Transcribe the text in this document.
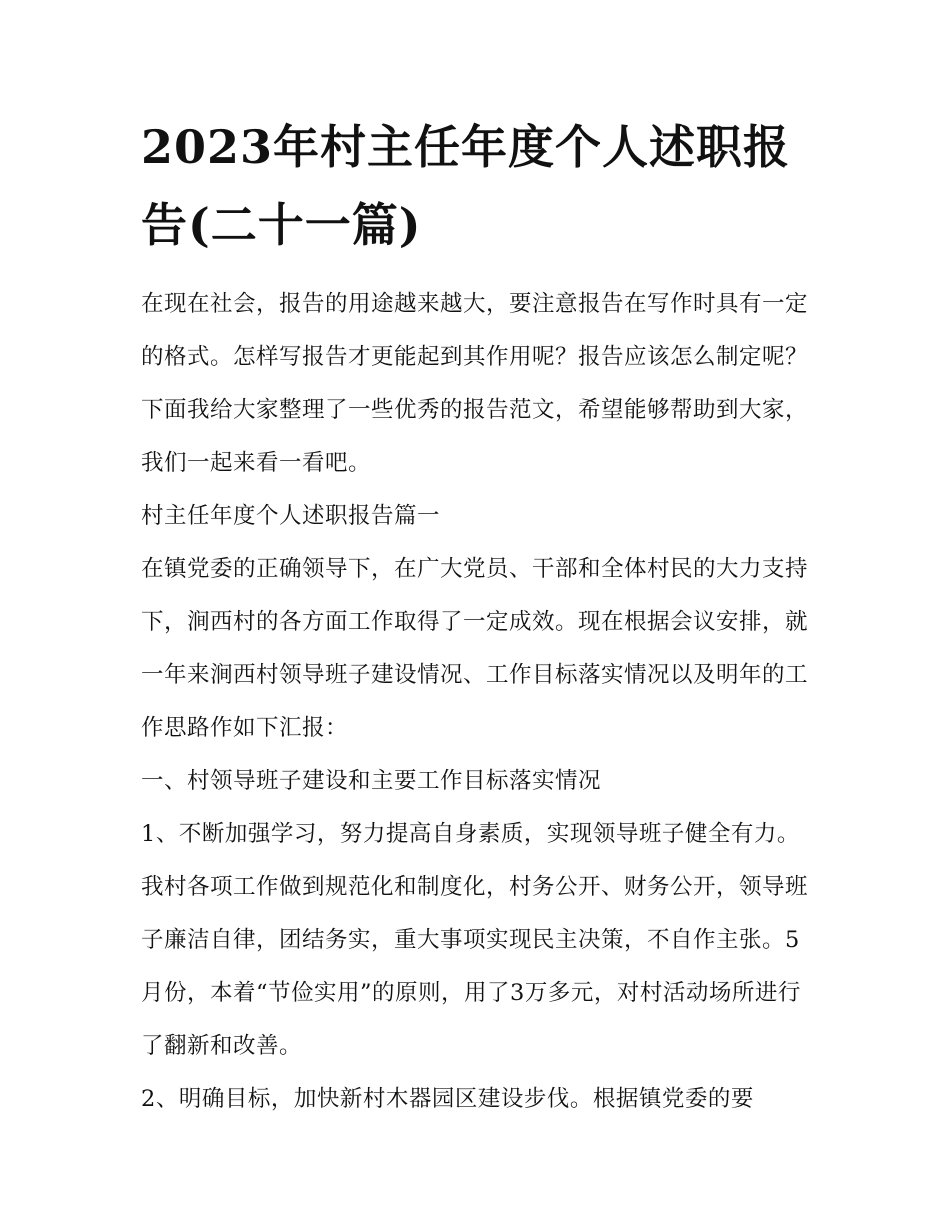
2023年村主任年度个人述职报告(二十一篇)

在现在社会，报告的用途越来越大，要注意报告在写作时具有一定的格式。怎样写报告才更能起到其作用呢？报告应该怎么制定呢？下面我给大家整理了一些优秀的报告范文，希望能够帮助到大家，我们一起来看一看吧。

村主任年度个人述职报告篇一

在镇党委的正确领导下，在广大党员、干部和全体村民的大力支持下，涧西村的各方面工作取得了一定成效。现在根据会议安排，就一年来涧西村领导班子建设情况、工作目标落实情况以及明年的工作思路作如下汇报：

一、村领导班子建设和主要工作目标落实情况

1、不断加强学习，努力提高自身素质，实现领导班子健全有力。我村各项工作做到规范化和制度化，村务公开、财务公开，领导班子廉洁自律，团结务实，重大事项实现民主决策，不自作主张。5月份，本着“节俭实用”的原则，用了3万多元，对村活动场所进行了翻新和改善。

2、明确目标，加快新村木器园区建设步伐。根据镇党委的要
